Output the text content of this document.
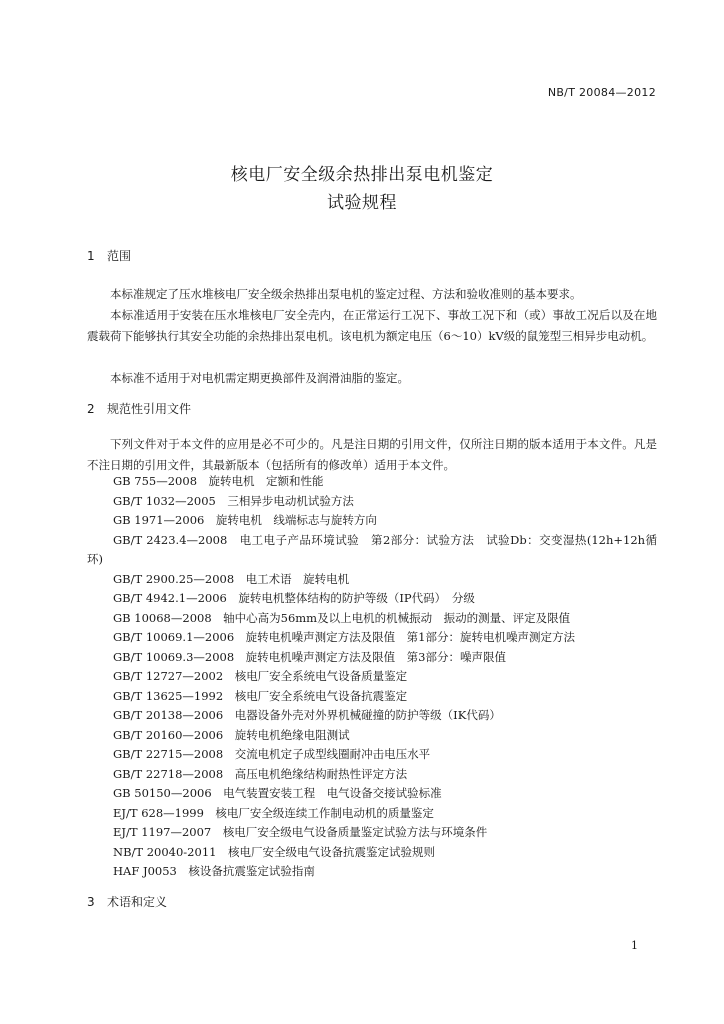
NB/T 20084—2012
核电厂安全级余热排出泵电机鉴定
试验规程
1 范围
本标准规定了压水堆核电厂安全级余热排出泵电机的鉴定过程、方法和验收准则的基本要求。
本标准适用于安装在压水堆核电厂安全壳内，在正常运行工况下、事故工况下和（或）事故工况后以及在地震载荷下能够执行其安全功能的余热排出泵电机。该电机为额定电压（6～10）kV级的鼠笼型三相异步电动机。
本标准不适用于对电机需定期更换部件及润滑油脂的鉴定。
2 规范性引用文件
下列文件对于本文件的应用是必不可少的。凡是注日期的引用文件，仅所注日期的版本适用于本文件。凡是不注日期的引用文件，其最新版本（包括所有的修改单）适用于本文件。
GB 755—2008　旋转电机　定额和性能
GB/T 1032—2005　三相异步电动机试验方法
GB 1971—2006　旋转电机　线端标志与旋转方向
GB/T 2423.4—2008　电工电子产品环境试验　第2部分：试验方法　试验Db：交变湿热(12h+12h循环)
GB/T 2900.25—2008　电工术语　旋转电机
GB/T 4942.1—2006　旋转电机整体结构的防护等级（IP代码）　分级
GB 10068—2008　轴中心高为56mm及以上电机的机械振动　振动的测量、评定及限值
GB/T 10069.1—2006　旋转电机噪声测定方法及限值　第1部分：旋转电机噪声测定方法
GB/T 10069.3—2008　旋转电机噪声测定方法及限值　第3部分：噪声限值
GB/T 12727—2002　核电厂安全系统电气设备质量鉴定
GB/T 13625—1992　核电厂安全系统电气设备抗震鉴定
GB/T 20138—2006　电器设备外壳对外界机械碰撞的防护等级（IK代码）
GB/T 20160—2006　旋转电机绝缘电阻测试
GB/T 22715—2008　交流电机定子成型线圈耐冲击电压水平
GB/T 22718—2008　高压电机绝缘结构耐热性评定方法
GB 50150—2006　电气装置安装工程　电气设备交接试验标准
EJ/T 628—1999　核电厂安全级连续工作制电动机的质量鉴定
EJ/T 1197—2007　核电厂安全级电气设备质量鉴定试验方法与环境条件
NB/T 20040-2011　核电厂安全级电气设备抗震鉴定试验规则
HAF J0053　核设备抗震鉴定试验指南
3 术语和定义
1
